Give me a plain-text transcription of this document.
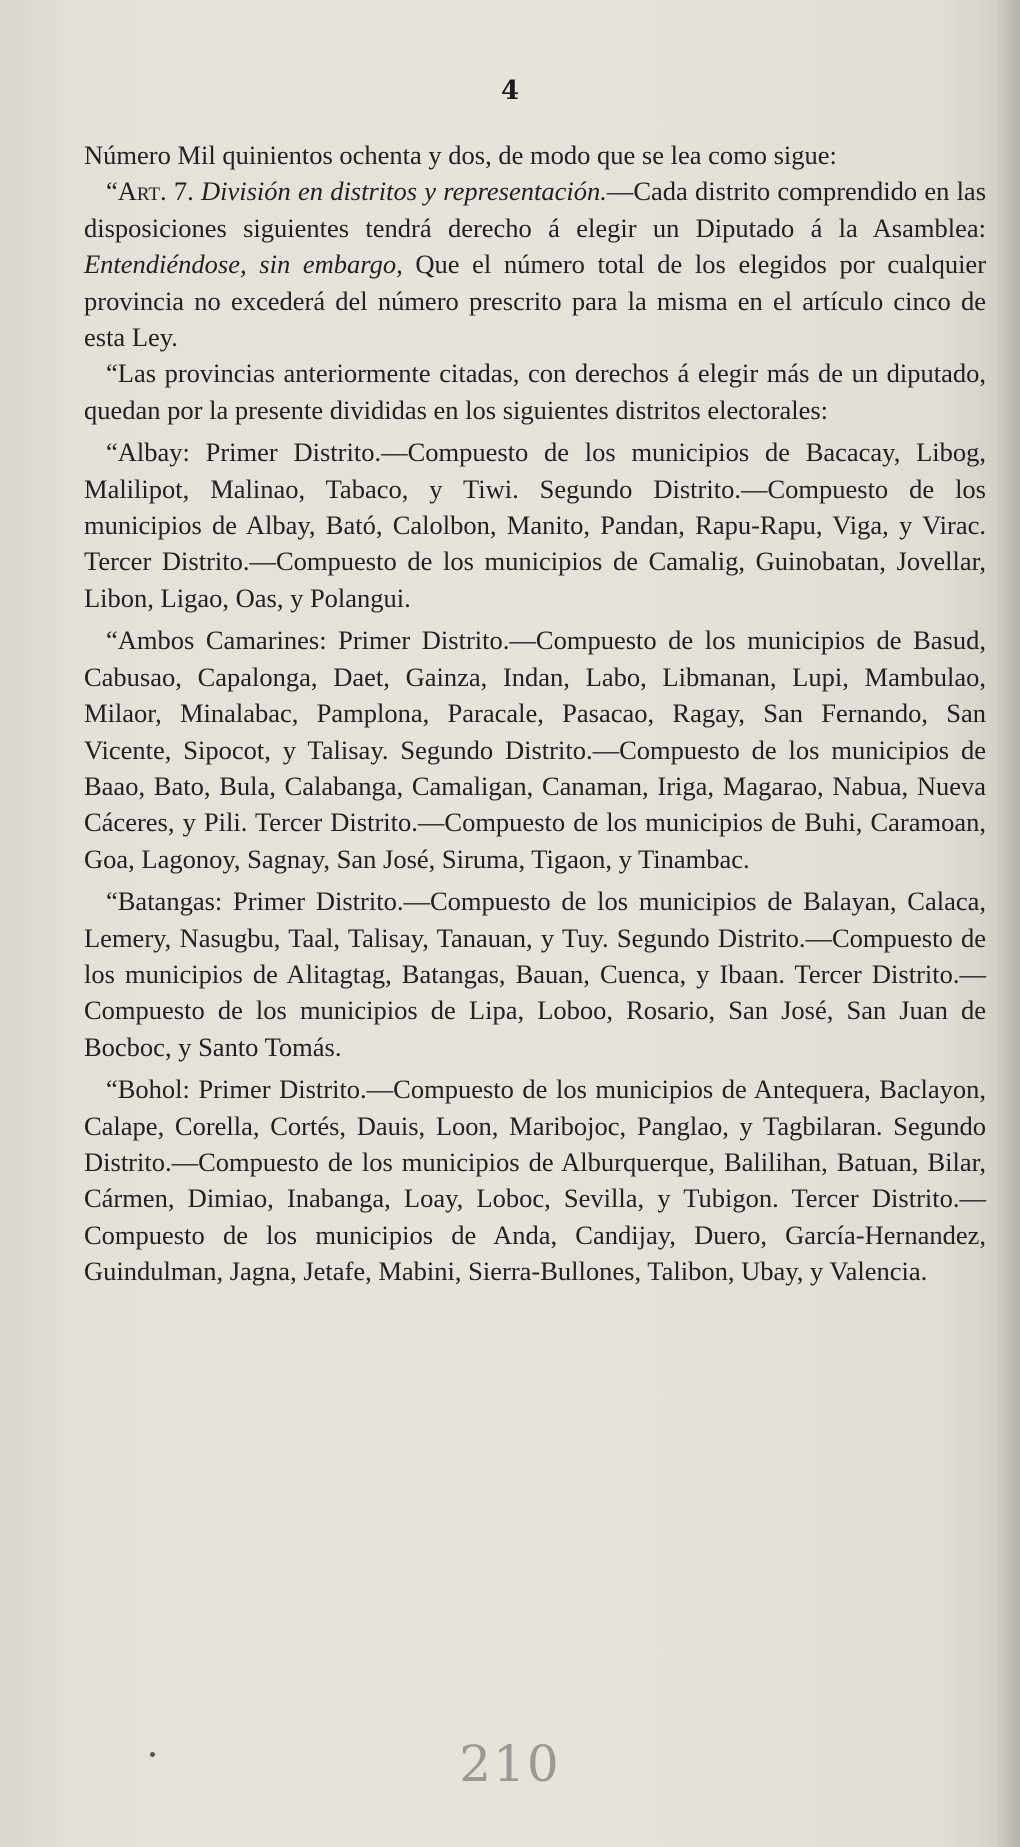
4

Número Mil quinientos ochenta y dos, de modo que se lea como sigue:

“Art. 7. División en distritos y representación.—Cada distrito comprendido en las disposiciones siguientes tendrá derecho á elegir un Diputado á la Asamblea: Entendiéndose, sin embargo, Que el número total de los elegidos por cualquier provincia no excederá del número prescrito para la misma en el artículo cinco de esta Ley.

“Las provincias anteriormente citadas, con derechos á elegir más de un diputado, quedan por la presente divididas en los siguientes distritos electorales:

“Albay: Primer Distrito.—Compuesto de los municipios de Bacacay, Libog, Malilipot, Malinao, Tabaco, y Tiwi. Segundo Distrito.—Compuesto de los municipios de Albay, Bató, Calolbon, Manito, Pandan, Rapu-Rapu, Viga, y Virac. Tercer Distrito.—Compuesto de los municipios de Camalig, Guinobatan, Jovellar, Libon, Ligao, Oas, y Polangui.

“Ambos Camarines: Primer Distrito.—Compuesto de los municipios de Basud, Cabusao, Capalonga, Daet, Gainza, Indan, Labo, Libmanan, Lupi, Mambulao, Milaor, Minalabac, Pamplona, Paracale, Pasacao, Ragay, San Fernando, San Vicente, Sipocot, y Talisay. Segundo Distrito.—Compuesto de los municipios de Baao, Bato, Bula, Calabanga, Camaligan, Canaman, Iriga, Magarao, Nabua, Nueva Cáceres, y Pili. Tercer Distrito.—Compuesto de los municipios de Buhi, Caramoan, Goa, Lagonoy, Sagnay, San José, Siruma, Tigaon, y Tinambac.

“Batangas: Primer Distrito.—Compuesto de los municipios de Balayan, Calaca, Lemery, Nasugbu, Taal, Talisay, Tanauan, y Tuy. Segundo Distrito.—Compuesto de los municipios de Alitagtag, Batangas, Bauan, Cuenca, y Ibaan. Tercer Distrito.—Compuesto de los municipios de Lipa, Loboo, Rosario, San José, San Juan de Bocboc, y Santo Tomás.

“Bohol: Primer Distrito.—Compuesto de los municipios de Antequera, Baclayon, Calape, Corella, Cortés, Dauis, Loon, Maribojoc, Panglao, y Tagbilaran. Segundo Distrito.—Compuesto de los municipios de Alburquerque, Balilihan, Batuan, Bilar, Cármen, Dimiao, Inabanga, Loay, Loboc, Sevilla, y Tubigon. Tercer Distrito.—Compuesto de los municipios de Anda, Candijay, Duero, García-Hernandez, Guindulman, Jagna, Jetafe, Mabini, Sierra-Bullones, Talibon, Ubay, y Valencia.

210
